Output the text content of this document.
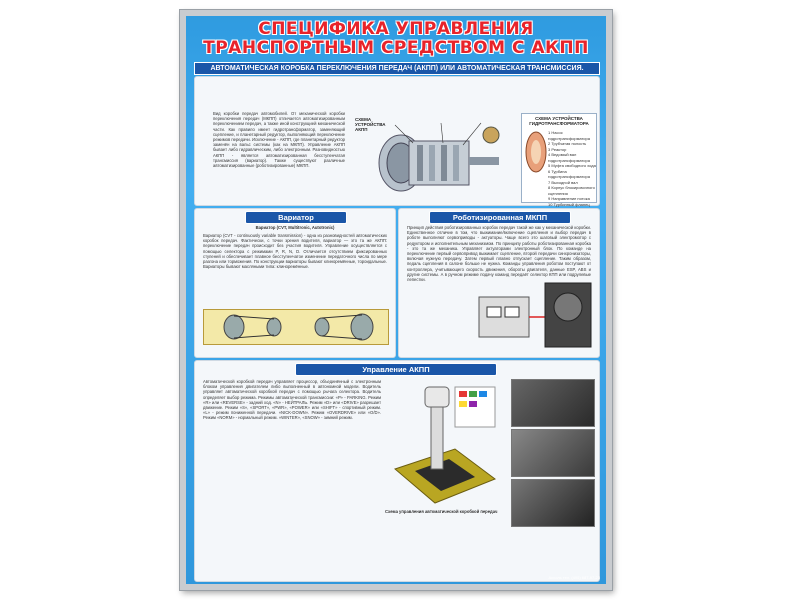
СПЕЦИФИКА УПРАВЛЕНИЯ
ТРАНСПОРТНЫМ СРЕДСТВОМ С АКПП
АВТОМАТИЧЕСКАЯ КОРОБКА ПЕРЕКЛЮЧЕНИЯ ПЕРЕДАЧ (АКПП) ИЛИ АВТОМАТИЧЕСКАЯ ТРАНСМИССИЯ.
Вид коробки передач автомобилей. От механической коробки переключения передач (МКПП) отличается автоматизированным переключением передач, а также иной конструкцией механической части. Как правило имеет гидротрансформатор, заменяющий сцепление, и планетарный редуктор, выполняющий переключение режимов передачи. Исключение - АКПП, где планетарный редуктор заменён на вальс системы (как на МКПП). Управление АКПП бывает либо гидравлическим, либо электронным. Разновидностью АКПП - является автоматизированная бесступенчатая трансмиссия (вариатор). Также существуют различные автоматизированные (роботизированные) МКПП.
СХЕМА УСТРОЙСТВА АКПП
СХЕМА УСТРОЙСТВА ГИДРОТРАНСФОРМАТОРА
1 Насос гидротрансформатора
2 Трубчатая полость
3 Реактор
4 Ведомый вал гидротрансформатора
5 Муфта свободного хода
6 Турбина гидротрансформатора
7 Выходной вал
8 Корпус блокировочного сцепления
9 Направление потока
10 Турбинный фланец
Вариатор
Вариатор (CVT, Multitronic, Autotronic)
Вариатор (CVT - continuously variable transmission) - одна из разновидностей автоматических коробок передач. Фактически, с точки зрения водителя, вариатор — это та же АКПП: переключение передач происходит без участия водителя. Управление осуществляется с помощью селектора с режимами P, R, N, D. Отличается отсутствием фиксированных ступеней и обеспечивает плавное бесступенчатое изменение передаточного числа по мере разгона или торможения. По конструкции вариаторы бывают клиноремённые, тороидальные. Вариаторы бывают масляными типа: клиноремённые.
Роботизированная МКПП
Принцип действия роботизированных коробок передач такой же как у механической коробки. Единственное отличие в том, что выжимание/включение сцепления и выбор передач в роботе выполняют сервоприводы - актуаторы. Чаще всего это шаговый электромотор с редуктором и исполнительным механизмом. По принципу работы роботизированная коробка - это та же механика. Управляет актуаторами электронный блок. По команде на переключение первый сервопривод выжимает сцепление, второй передачи синхронизаторы, включая нужную передачу. Затем первый плавно отпускает сцепление. Таким образом, педаль сцепления в салоне больше не нужна. Команды управления роботом поступают от контроллера, учитывающего скорость движения, обороты двигателя, данные ESP, ABS и другие системы. А в ручном режиме подачу команд передаёт селектор КПП или подрулевые лепестки.
Управление АКПП
Автоматической коробкой передач управляет процессор, объединённый с электронным блоком управления двигателем либо выполненный в автономной модели. Водитель управляет автоматической коробкой передач с помощью рычага селектора. Водитель определяет выбор режима. Режимы автоматической трансмиссии: «Р» - PARKING. Режим «R» или «REVERSE» - задний ход. «N» - НЕЙТРАЛЬ. Режим «D» или «DRIVE» разрешает движение. Режим «S», «SPORT», «PWR», «POWER» или «SHIFT» - спортивный режим. «L» - режим пониженной передачи. «NICK-DOWN». Режим «OVERDRIVE» или «O/D». Режим «NORM» - нормальный режим. «WINTER», «SNOW» - зимний режим.
Схема управления автоматической коробкой передач
Ассоль тел. (495) 687-97-23
